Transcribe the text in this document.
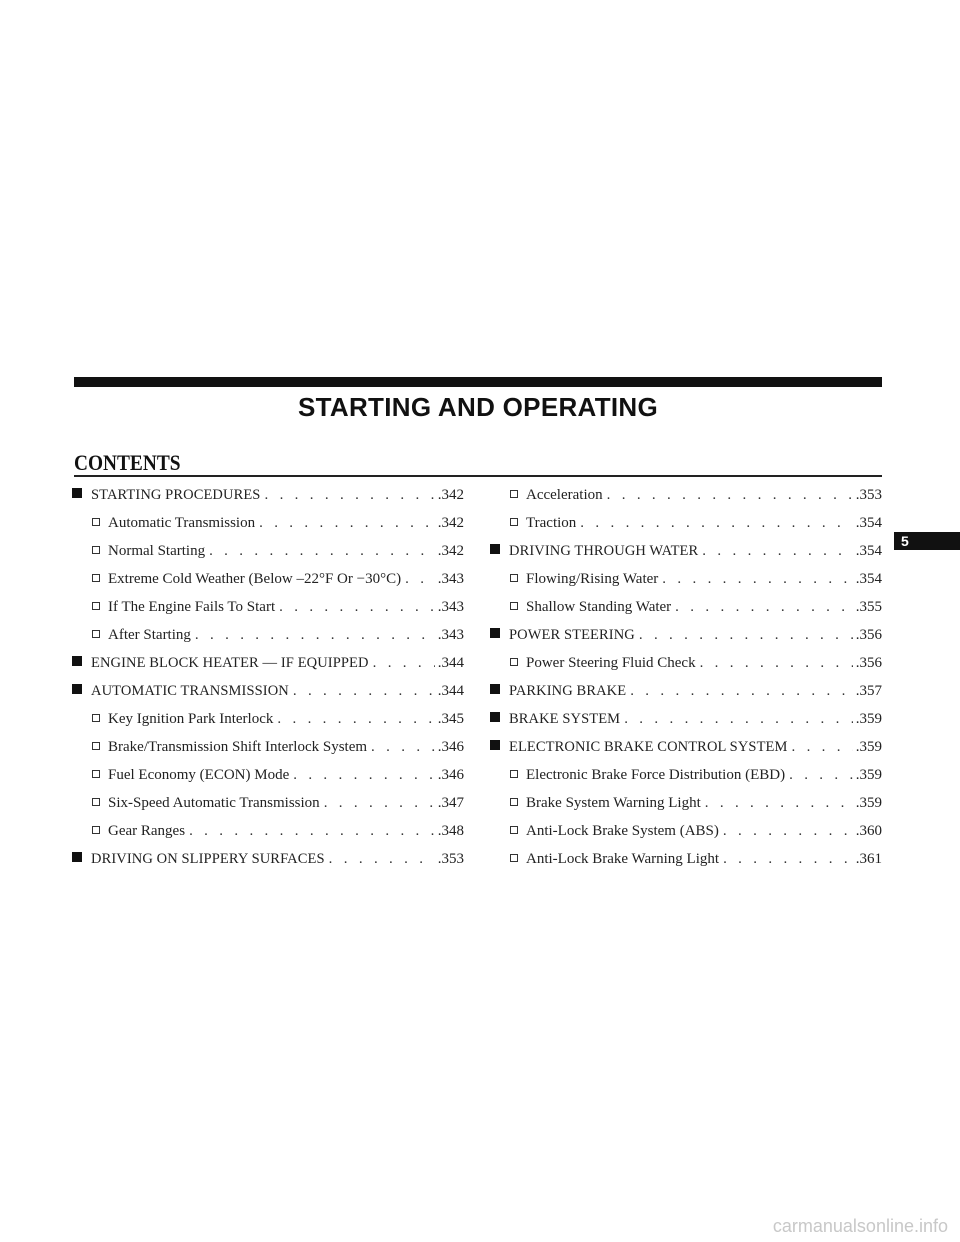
STARTING AND OPERATING
CONTENTS
STARTING PROCEDURES . . .	.342
Automatic Transmission . . .	.342
Normal Starting . . .	.342
Extreme Cold Weather (Below –22°F Or −30°C) . . . .343
If The Engine Fails To Start . . .	.343
After Starting . . .	.343
ENGINE BLOCK HEATER — IF EQUIPPED . . .	.344
AUTOMATIC TRANSMISSION . . .	.344
Key Ignition Park Interlock . . .	.345
Brake/Transmission Shift Interlock System . . .	.346
Fuel Economy (ECON) Mode . . .	.346
Six-Speed Automatic Transmission . . .	.347
Gear Ranges . . .	.348
DRIVING ON SLIPPERY SURFACES . . .	.353
Acceleration . . .	.353
Traction . . .	.354
DRIVING THROUGH WATER . . .	.354
Flowing/Rising Water . . .	.354
Shallow Standing Water . . .	.355
POWER STEERING . . .	.356
Power Steering Fluid Check . . .	.356
PARKING BRAKE . . .	.357
BRAKE SYSTEM . . .	.359
ELECTRONIC BRAKE CONTROL SYSTEM . . .	.359
Electronic Brake Force Distribution (EBD) . . .	.359
Brake System Warning Light . . .	.359
Anti-Lock Brake System (ABS) . . .	.360
Anti-Lock Brake Warning Light . . .	.361
5
carmanualsonline.info
